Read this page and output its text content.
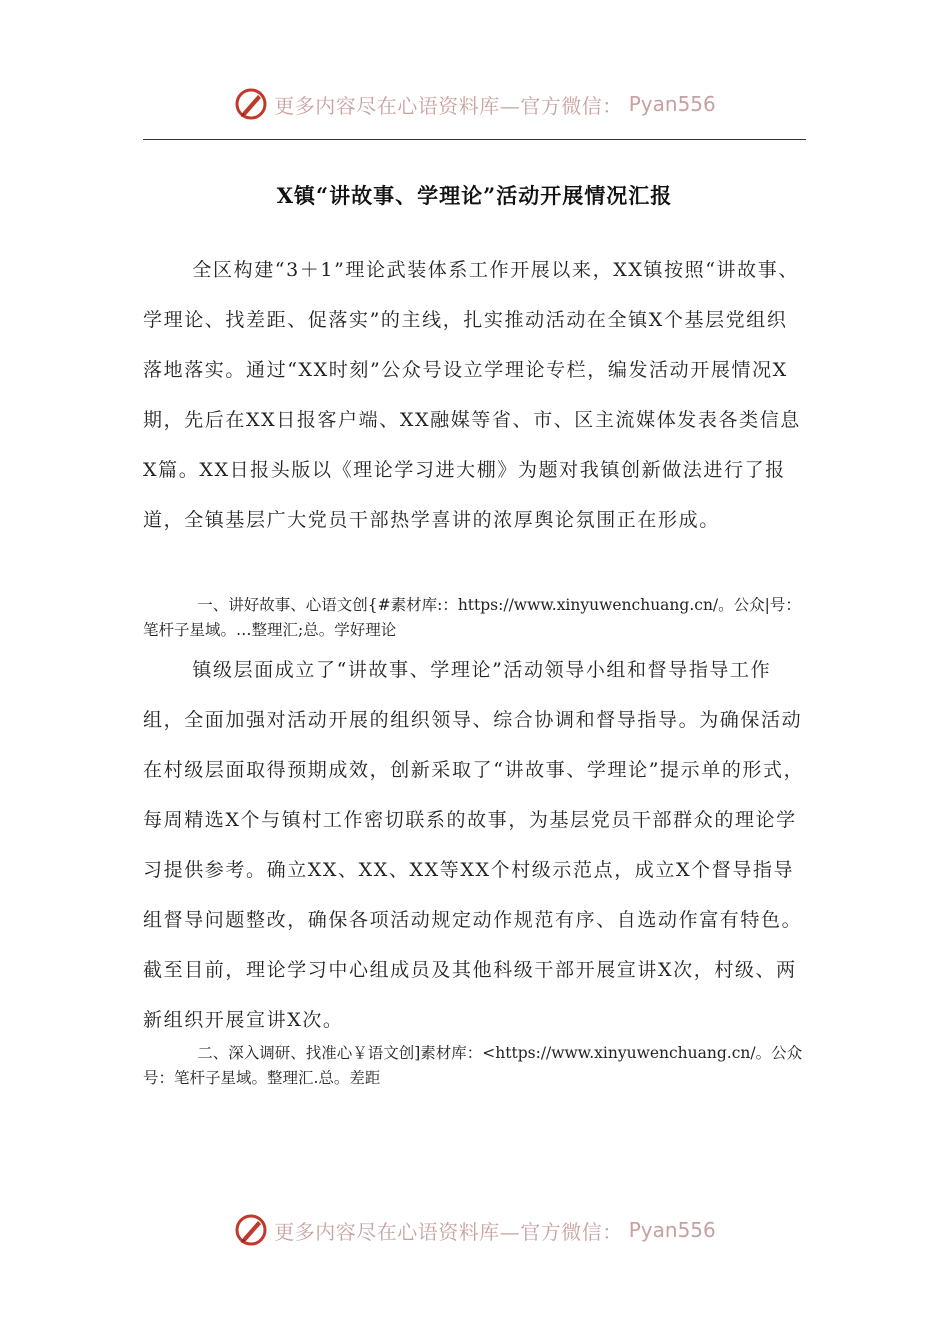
更多内容尽在心语资料库—官方微信： Pyan556
X镇“讲故事、学理论”活动开展情况汇报

全区构建“3＋1”理论武装体系工作开展以来，XX镇按照“讲故事、学理论、找差距、促落实”的主线，扎实推动活动在全镇X个基层党组织落地落实。通过“XX时刻”公众号设立学理论专栏，编发活动开展情况X期，先后在XX日报客户端、XX融媒等省、市、区主流媒体发表各类信息X篇。XX日报头版以《理论学习进大棚》为题对我镇创新做法进行了报道，全镇基层广大党员干部热学喜讲的浓厚舆论氛围正在形成。

一、讲好故事、心语文创{#素材库:：https://www.xinyuwenchuang.cn/。公众|号：笔杆子星域。…整理汇;总。学好理论

镇级层面成立了“讲故事、学理论”活动领导小组和督导指导工作组，全面加强对活动开展的组织领导、综合协调和督导指导。为确保活动在村级层面取得预期成效，创新采取了“讲故事、学理论”提示单的形式，每周精选X个与镇村工作密切联系的故事，为基层党员干部群众的理论学习提供参考。确立XX、XX、XX等XX个村级示范点，成立X个督导指导组督导问题整改，确保各项活动规定动作规范有序、自选动作富有特色。截至目前，理论学习中心组成员及其他科级干部开展宣讲X次，村级、两新组织开展宣讲X次。

二、深入调研、找准心￥语文创]素材库：<https://www.xinyuwenchuang.cn/。公众号：笔杆子星域。整理汇.总。差距

更多内容尽在心语资料库—官方微信： Pyan556
